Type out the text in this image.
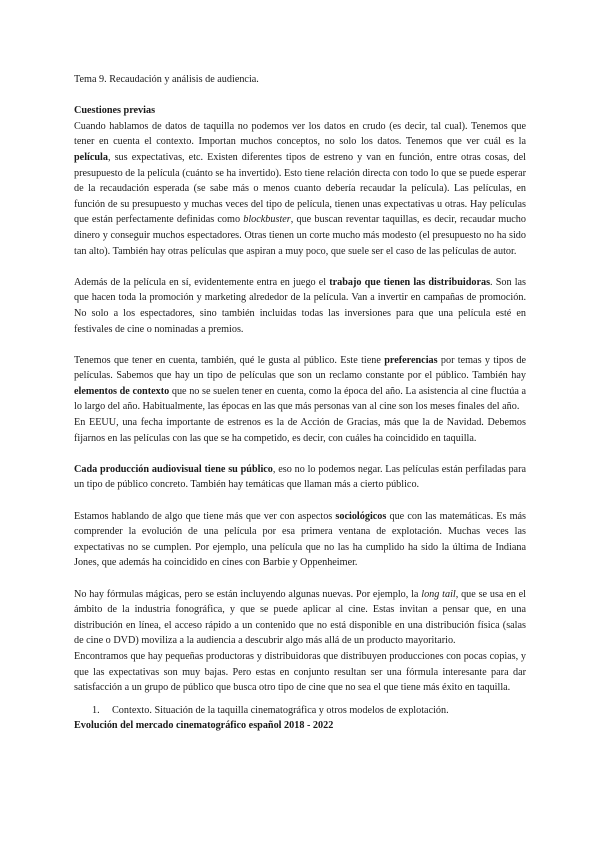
Tema 9. Recaudación y análisis de audiencia.

Cuestiones previas

Cuando hablamos de datos de taquilla no podemos ver los datos en crudo (es decir, tal cual). Tenemos que tener en cuenta el contexto. Importan muchos conceptos, no solo los datos. Tenemos que ver cuál es la película, sus expectativas, etc. Existen diferentes tipos de estreno y van en función, entre otras cosas, del presupuesto de la película (cuánto se ha invertido). Esto tiene relación directa con todo lo que se puede esperar de la recaudación esperada (se sabe más o menos cuanto debería recaudar la película). Las películas, en función de su presupuesto y muchas veces del tipo de película, tienen unas expectativas u otras. Hay películas que están perfectamente definidas como blockbuster, que buscan reventar taquillas, es decir, recaudar mucho dinero y conseguir muchos espectadores. Otras tienen un corte mucho más modesto (el presupuesto no ha sido tan alto). También hay otras películas que aspiran a muy poco, que suele ser el caso de las películas de autor.

Además de la película en sí, evidentemente entra en juego el trabajo que tienen las distribuidoras. Son las que hacen toda la promoción y marketing alrededor de la película. Van a invertir en campañas de promoción. No solo a los espectadores, sino también incluidas todas las inversiones para que una película esté en festivales de cine o nominadas a premios.

Tenemos que tener en cuenta, también, qué le gusta al público. Este tiene preferencias por temas y tipos de películas. Sabemos que hay un tipo de películas que son un reclamo constante por el público. También hay elementos de contexto que no se suelen tener en cuenta, como la época del año. La asistencia al cine fluctúa a lo largo del año. Habitualmente, las épocas en las que más personas van al cine son los meses finales del año.

En EEUU, una fecha importante de estrenos es la de Acción de Gracias, más que la de Navidad. Debemos fijarnos en las películas con las que se ha competido, es decir, con cuáles ha coincidido en taquilla.

Cada producción audiovisual tiene su público, eso no lo podemos negar. Las películas están perfiladas para un tipo de público concreto. También hay temáticas que llaman más a cierto público.

Estamos hablando de algo que tiene más que ver con aspectos sociológicos que con las matemáticas. Es más comprender la evolución de una película por esa primera ventana de explotación. Muchas veces las expectativas no se cumplen. Por ejemplo, una película que no las ha cumplido ha sido la última de Indiana Jones, que además ha coincidido en cines con Barbie y Oppenheimer.

No hay fórmulas mágicas, pero se están incluyendo algunas nuevas. Por ejemplo, la long tail, que se usa en el ámbito de la industria fonográfica, y que se puede aplicar al cine. Estas invitan a pensar que, en una distribución en línea, el acceso rápido a un contenido que no está disponible en una distribución física (salas de cine o DVD) moviliza a la audiencia a descubrir algo más allá de un producto mayoritario.

Encontramos que hay pequeñas productoras y distribuidoras que distribuyen producciones con pocas copias, y que las expectativas son muy bajas. Pero estas en conjunto resultan ser una fórmula interesante para dar satisfacción a un grupo de público que busca otro tipo de cine que no sea el que tiene más éxito en taquilla.

1.	Contexto. Situación de la taquilla cinematográfica y otros modelos de explotación.

Evolución del mercado cinematográfico español 2018 - 2022
